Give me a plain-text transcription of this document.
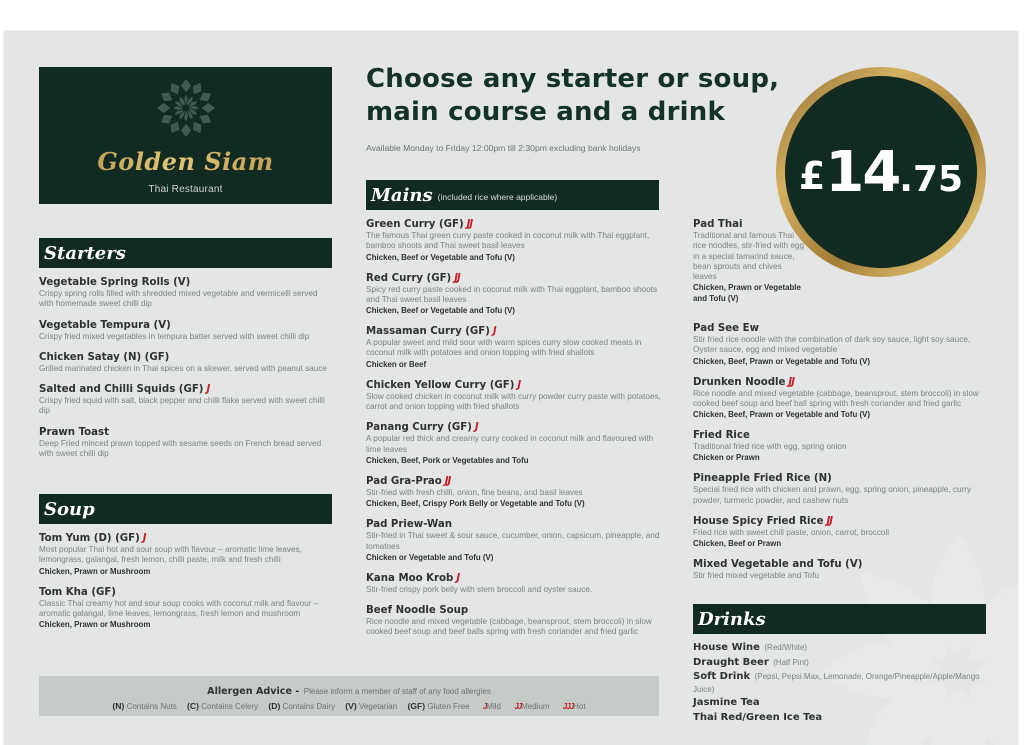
Golden Siam
Thai Restaurant
Choose any starter or soup,
main course and a drink
Available Monday to Friday 12:00pm till 2:30pm excluding bank holidays
£ 14 .75
Starters
Vegetable Spring Rolls (V)
Crispy spring rolls filled with shredded mixed vegetable and vermicelli served with homemade sweet chilli dip
Vegetable Tempura (V)
Crispy fried mixed vegetables in tempura batter served with sweet chilli dip
Chicken Satay (N) (GF)
Grilled marinated chicken in Thai spices on a skewer, served with peanut sauce
Salted and Chilli Squids (GF) J
Crispy fried squid with salt, black pepper and chilli flake served with sweet chilli dip
Prawn Toast
Deep Fried minced prawn topped with sesame seeds on French bread served with sweet chilli dip
Soup
Tom Yum (D) (GF) J
Most popular Thai hot and sour soup with flavour – aromatic lime leaves, lemongrass, galangal, fresh lemon, chilli paste, milk and fresh chilli
Chicken, Prawn or Mushroom
Tom Kha (GF)
Classic Thai creamy hot and sour soup cooks with coconut milk and flavour – aromatic galangal, lime leaves, lemongrass, fresh lemon and mushroom
Chicken, Prawn or Mushroom
Mains (included rice where applicable)
Green Curry (GF) JJ
The famous Thai green curry paste cooked in coconut milk with Thai eggplant, bamboo shoots and Thai sweet basil leaves
Chicken, Beef or Vegetable and Tofu (V)
Red Curry (GF) JJ
Spicy red curry paste cooked in coconut milk with Thai eggplant, bamboo shoots and Thai sweet basil leaves
Chicken, Beef or Vegetable and Tofu (V)
Massaman Curry (GF) J
A popular sweet and mild sour with warm spices curry slow cooked meats in coconut milk with potatoes and onion topping with fried shallots
Chicken or Beef
Chicken Yellow Curry (GF) J
Slow cooked chicken in coconut milk with curry powder curry paste with potatoes, carrot and onion topping with fried shallots
Panang Curry (GF) J
A popular red thick and creamy curry cooked in coconut milk and flavoured with lime leaves
Chicken, Beef, Pork or Vegetables and Tofu
Pad Gra-Prao JJ
Stir-fried with fresh chilli, onion, fine beans, and basil leaves
Chicken, Beef, Crispy Pork Belly or Vegetable and Tofu (V)
Pad Priew-Wan
Stir-fried in Thai sweet & sour sauce, cucumber, onion, capsicum, pineapple, and tomatoes
Chicken or Vegetable and Tofu (V)
Kana Moo Krob J
Stir-fried crispy pork belly with stem broccoli and oyster sauce.
Beef Noodle Soup
Rice noodle and mixed vegetable (cabbage, beansprout, stem broccoli) in slow cooked beef soup and beef balls spring with fresh coriander and fried garlic
Pad Thai
Traditional and famous Thai rice noodles, stir-fried with egg in a special tamarind sauce, bean sprouts and chives leaves
Chicken, Prawn or Vegetable and Tofu (V)
Pad See Ew
Stir fried rice noodle with the combination of dark soy sauce, light soy sauce, Oyster sauce, egg and mixed vegetable
Chicken, Beef, Prawn or Vegetable and Tofu (V)
Drunken Noodle JJ
Rice noodle and mixed vegetable (cabbage, beansprout, stem broccoli) in slow cooked beef soup and beef ball spring with fresh coriander and fried garlic
Chicken, Beef, Prawn or Vegetable and Tofu (V)
Fried Rice
Traditional fried rice with egg, spring onion
Chicken or Prawn
Pineapple Fried Rice (N)
Special fried rice with chicken and prawn, egg, spring onion, pineapple, curry powder, turmeric powder, and cashew nuts
House Spicy Fried Rice JJ
Fried rice with sweet chill paste, onion, carrot, broccoli
Chicken, Beef or Prawn
Mixed Vegetable and Tofu (V)
Stir fried mixed vegetable and Tofu
Drinks
House Wine (Red/White)
Draught Beer (Half Pint)
Soft Drink (Pepsi, Pepsi Max, Lemonade, Orange/Pineapple/Apple/Mango Juice)
Jasmine Tea
Thai Red/Green Ice Tea
Allergen Advice - Please inform a member of staff of any food allergies
(N) Contains Nuts (C) Contains Celery (D) Contains Dairy (V) Vegetarian (GF) Gluten Free JMild JJMedium JJJHot
